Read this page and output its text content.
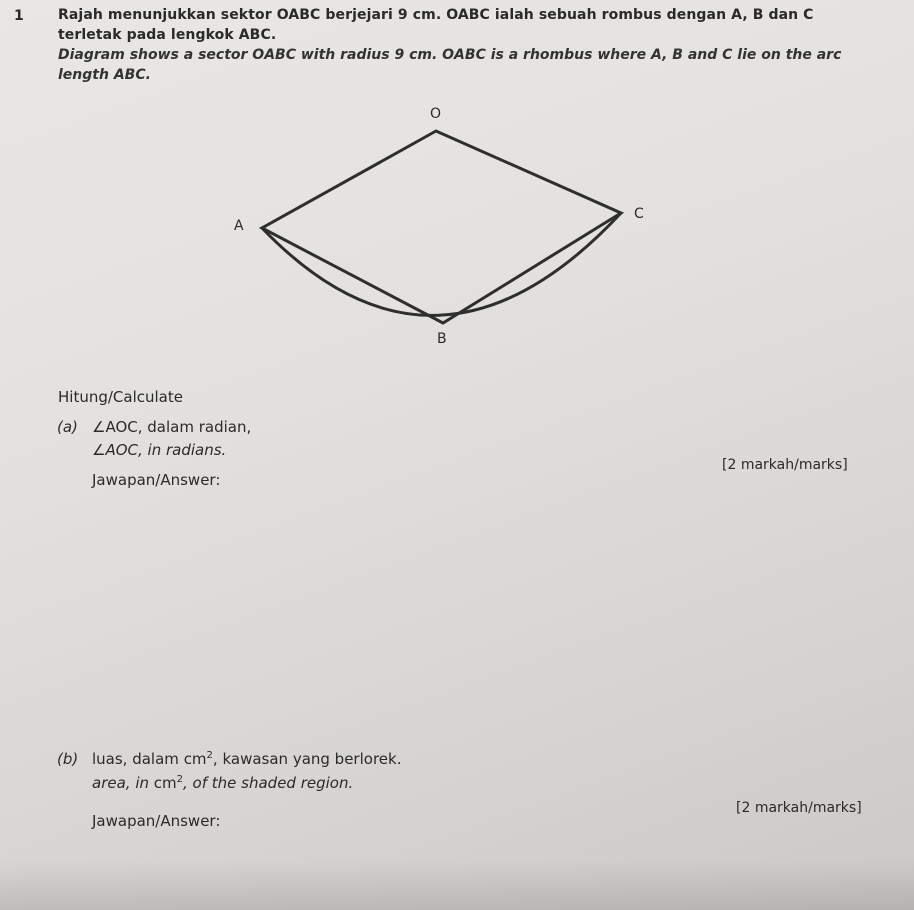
1 Rajah menunjukkan sektor OABC berjejari 9 cm. OABC ialah sebuah rombus dengan A, B dan C
terletak pada lengkok ABC.
Diagram shows a sector OABC with radius 9 cm. OABC is a rhombus where A, B and C lie on the arc
length ABC.
O
A
B
C
Hitung/Calculate
(a) ∠AOC, dalam radian,
∠AOC, in radians.
Jawapan/Answer:
[2 markah/marks]
(b) luas, dalam $cm^2$, kawasan yang berlorek.
area, in $cm^2$, of the shaded region.
Jawapan/Answer:
[2 markah/marks]
